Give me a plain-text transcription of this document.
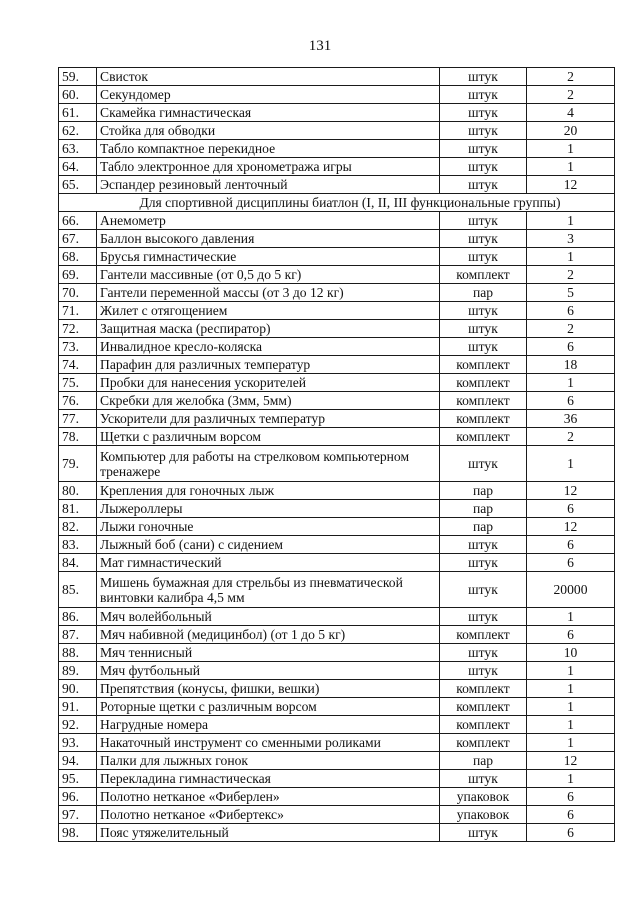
131
59.	Свисток	штук	2
60.	Секундомер	штук	2
61.	Скамейка гимнастическая	штук	4
62.	Стойка для обводки	штук	20
63.	Табло компактное перекидное	штук	1
64.	Табло электронное для хронометража игры	штук	1
65.	Эспандер резиновый ленточный	штук	12
Для спортивной дисциплины биатлон (I, II, III функциональные группы)			
66.	Анемометр	штук	1
67.	Баллон высокого давления	штук	3
68.	Брусья гимнастические	штук	1
69.	Гантели массивные (от 0,5 до 5 кг)	комплект	2
70.	Гантели переменной массы (от 3 до 12 кг)	пар	5
71.	Жилет с отягощением	штук	6
72.	Защитная маска (респиратор)	штук	2
73.	Инвалидное кресло-коляска	штук	6
74.	Парафин для различных температур	комплект	18
75.	Пробки для нанесения ускорителей	комплект	1
76.	Скребки для желобка (3мм, 5мм)	комплект	6
77.	Ускорители для различных температур	комплект	36
78.	Щетки с различным ворсом	комплект	2
79.	Компьютер для работы на стрелковом компьютерном тренажере	штук	1
80.	Крепления для гоночных лыж	пар	12
81.	Лыжероллеры	пар	6
82.	Лыжи гоночные	пар	12
83.	Лыжный боб (сани) с сидением	штук	6
84.	Мат гимнастический	штук	6
85.	Мишень бумажная для стрельбы из пневматической винтовки калибра 4,5 мм	штук	20000
86.	Мяч волейбольный	штук	1
87.	Мяч набивной (медицинбол) (от 1 до 5 кг)	комплект	6
88.	Мяч теннисный	штук	10
89.	Мяч футбольный	штук	1
90.	Препятствия (конусы, фишки, вешки)	комплект	1
91.	Роторные щетки с различным ворсом	комплект	1
92.	Нагрудные номера	комплект	1
93.	Накаточный инструмент со сменными роликами	комплект	1
94.	Палки для лыжных гонок	пар	12
95.	Перекладина гимнастическая	штук	1
96.	Полотно нетканое «Фиберлен»	упаковок	6
97.	Полотно нетканое «Фибертекс»	упаковок	6
98.	Пояс утяжелительный	штук	6
